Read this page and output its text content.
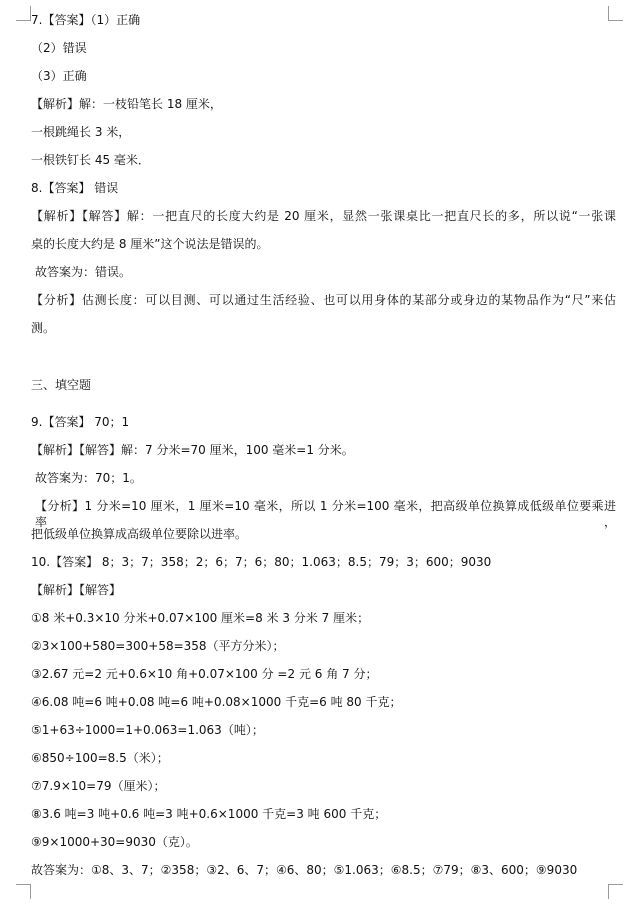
7.【答案】（1）正确
（2）错误
（3）正确
【解析】解：一枝铅笔长 18 厘米，
一根跳绳长 3 米，
一根铁钉长 45 毫米．
8.【答案】 错误
【解析】【解答】解：一把直尺的长度大约是 20 厘米，显然一张课桌比一把直尺长的多，所以说“一张课
桌的长度大约是 8 厘米”这个说法是错误的。
故答案为：错误。
【分析】估测长度：可以目测、可以通过生活经验、也可以用身体的某部分或身边的某物品作为“尺”来估
测。
三、填空题
9.【答案】 70；1
【解析】【解答】解：7 分米=70 厘米，100 毫米=1 分米。
故答案为：70；1。
【分析】1 分米=10 厘米，1 厘米=10 毫米，所以 1 分米=100 毫米，把高级单位换算成低级单位要乘进率，
把低级单位换算成高级单位要除以进率。
10.【答案】 8；3；7；358；2；6；7；6；80；1.063；8.5；79；3；600；9030
【解析】【解答】
①8 米+0.3×10 分米+0.07×100 厘米=8 米 3 分米 7 厘米；
②3×100+580=300+58=358（平方分米）；
③2.67 元=2 元+0.6×10 角+0.07×100 分 =2 元 6 角 7 分；
④6.08 吨=6 吨+0.08 吨=6 吨+0.08×1000 千克=6 吨 80 千克；
⑤1+63÷1000=1+0.063=1.063（吨）；
⑥850÷100=8.5（米）；
⑦7.9×10=79（厘米）；
⑧3.6 吨=3 吨+0.6 吨=3 吨+0.6×1000 千克=3 吨 600 千克；
⑨9×1000+30=9030（克）。
故答案为：①8、3、7；②358；③2、6、7；④6、80；⑤1.063；⑥8.5；⑦79；⑧3、600；⑨9030
